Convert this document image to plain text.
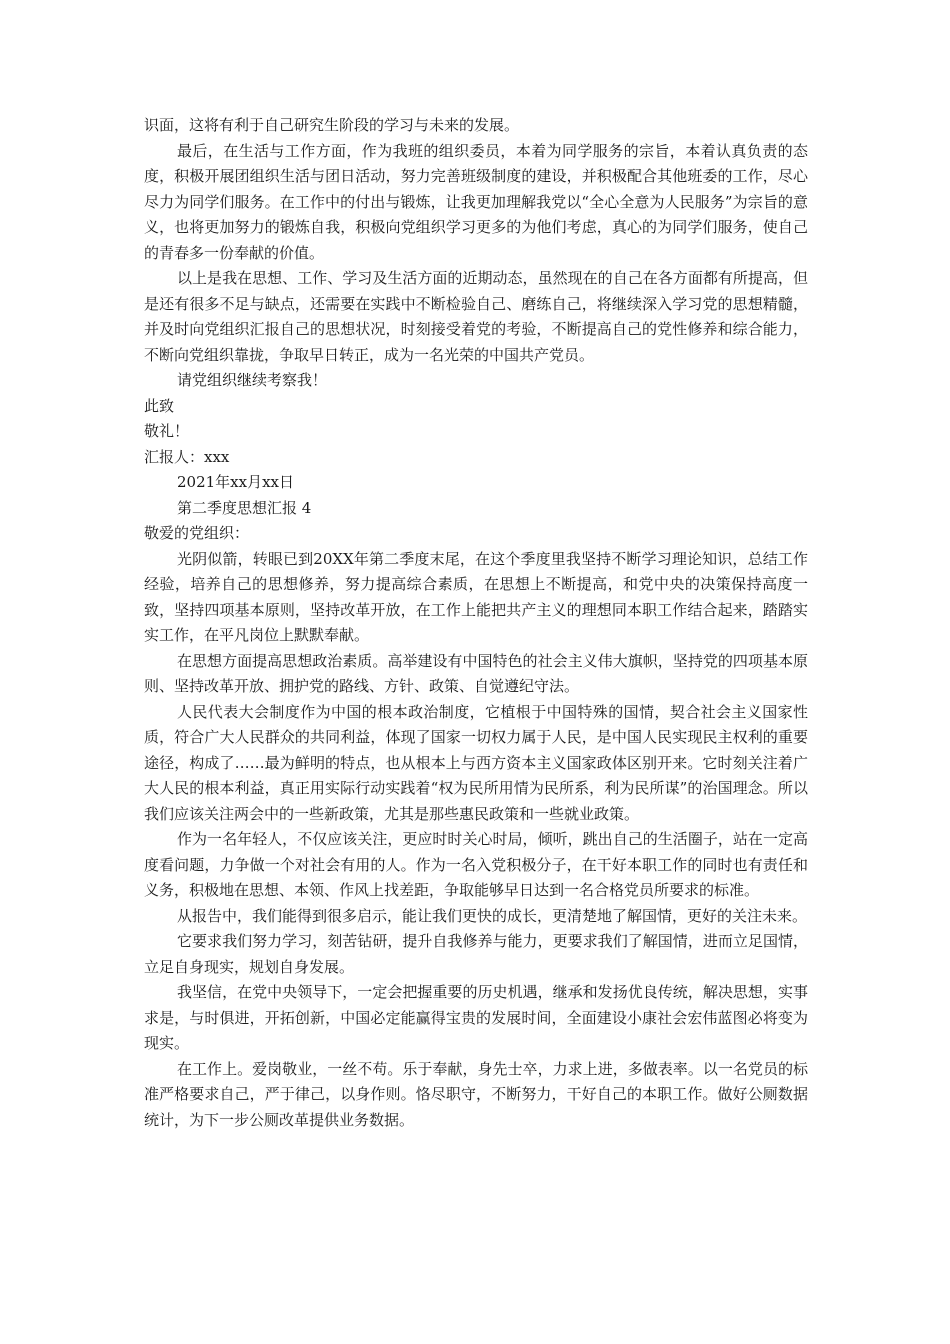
识面，这将有利于自己研究生阶段的学习与未来的发展。

最后，在生活与工作方面，作为我班的组织委员，本着为同学服务的宗旨，本着认真负责的态度，积极开展团组织生活与团日活动，努力完善班级制度的建设，并积极配合其他班委的工作，尽心尽力为同学们服务。在工作中的付出与锻炼，让我更加理解我党以“全心全意为人民服务”为宗旨的意义，也将更加努力的锻炼自我，积极向党组织学习更多的为他们考虑，真心的为同学们服务，使自己的青春多一份奉献的价值。

以上是我在思想、工作、学习及生活方面的近期动态，虽然现在的自己在各方面都有所提高，但是还有很多不足与缺点，还需要在实践中不断检验自己、磨练自己，将继续深入学习党的思想精髓，并及时向党组织汇报自己的思想状况，时刻接受着党的考验，不断提高自己的党性修养和综合能力，不断向党组织靠拢，争取早日转正，成为一名光荣的中国共产党员。

请党组织继续考察我！

此致

敬礼！

汇报人：xxx

2021年xx月xx日

第二季度思想汇报 4

敬爱的党组织：

光阴似箭，转眼已到20XX年第二季度末尾，在这个季度里我坚持不断学习理论知识，总结工作经验，培养自己的思想修养，努力提高综合素质，在思想上不断提高，和党中央的决策保持高度一致，坚持四项基本原则，坚持改革开放，在工作上能把共产主义的理想同本职工作结合起来，踏踏实实工作，在平凡岗位上默默奉献。

在思想方面提高思想政治素质。高举建设有中国特色的社会主义伟大旗帜，坚持党的四项基本原则、坚持改革开放、拥护党的路线、方针、政策、自觉遵纪守法。

人民代表大会制度作为中国的根本政治制度，它植根于中国特殊的国情，契合社会主义国家性质，符合广大人民群众的共同利益，体现了国家一切权力属于人民，是中国人民实现民主权利的重要途径，构成了……最为鲜明的特点，也从根本上与西方资本主义国家政体区别开来。它时刻关注着广大人民的根本利益，真正用实际行动实践着“权为民所用情为民所系，利为民所谋”的治国理念。所以我们应该关注两会中的一些新政策，尤其是那些惠民政策和一些就业政策。

作为一名年轻人，不仅应该关注，更应时时关心时局，倾听，跳出自己的生活圈子，站在一定高度看问题，力争做一个对社会有用的人。作为一名入党积极分子，在干好本职工作的同时也有责任和义务，积极地在思想、本领、作风上找差距，争取能够早日达到一名合格党员所要求的标准。

从报告中，我们能得到很多启示，能让我们更快的成长，更清楚地了解国情，更好的关注未来。

它要求我们努力学习，刻苦钻研，提升自我修养与能力，更要求我们了解国情，进而立足国情，立足自身现实，规划自身发展。

我坚信，在党中央领导下，一定会把握重要的历史机遇，继承和发扬优良传统，解决思想，实事求是，与时俱进，开拓创新，中国必定能赢得宝贵的发展时间，全面建设小康社会宏伟蓝图必将变为现实。

在工作上。爱岗敬业，一丝不苟。乐于奉献，身先士卒，力求上进，多做表率。以一名党员的标准严格要求自己，严于律己，以身作则。恪尽职守，不断努力，干好自己的本职工作。做好公厕数据统计，为下一步公厕改革提供业务数据。
